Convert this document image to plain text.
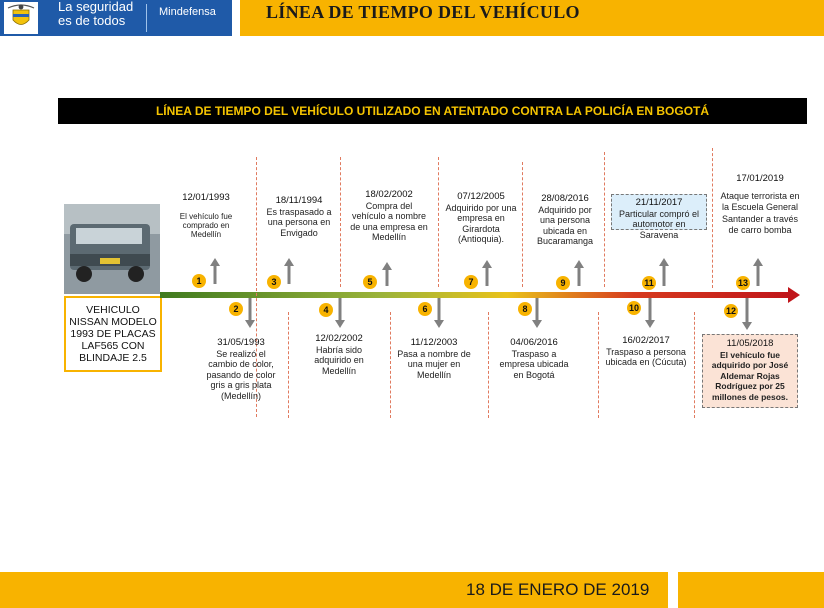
La seguridad
es de todos
Mindefensa	LÍNEA DE TIEMPO DEL VEHÍCULO
LÍNEA DE TIEMPO DEL VEHÍCULO UTILIZADO EN ATENTADO CONTRA LA POLICÍA EN BOGOTÁ
VEHICULO NISSAN MODELO 1993 DE PLACAS LAF565 CON BLINDAJE 2.5
12/01/1993
El vehículo fue comprado en Medellín
18/11/1994
Es traspasado a una persona en Envigado
18/02/2002
Compra del vehículo a nombre de una empresa en Medellín
07/12/2005
Adquirido por una empresa en Girardota (Antioquia).
28/08/2016
Adquirido por una persona ubicada en Bucaramanga
21/11/2017
Particular compró el automotor en Saravena
17/01/2019
Ataque terrorista en la Escuela General Santander a través de carro bomba
31/05/1993
Se realizó el cambio de color, pasando de color gris a gris plata (Medellín)
12/02/2002
Habría sido adquirido en Medellín
11/12/2003
Pasa a nombre de una mujer en Medellín
04/06/2016
Traspaso a empresa ubicada en Bogotá
16/02/2017
Traspaso a persona ubicada en (Cúcuta)
11/05/2018
El vehículo fue adquirido por José Aldemar Rojas Rodríguez por 25 millones de pesos.
1
2
3
4
5
6
7
8
9
10
11
12
13
18 DE ENERO DE 2019
